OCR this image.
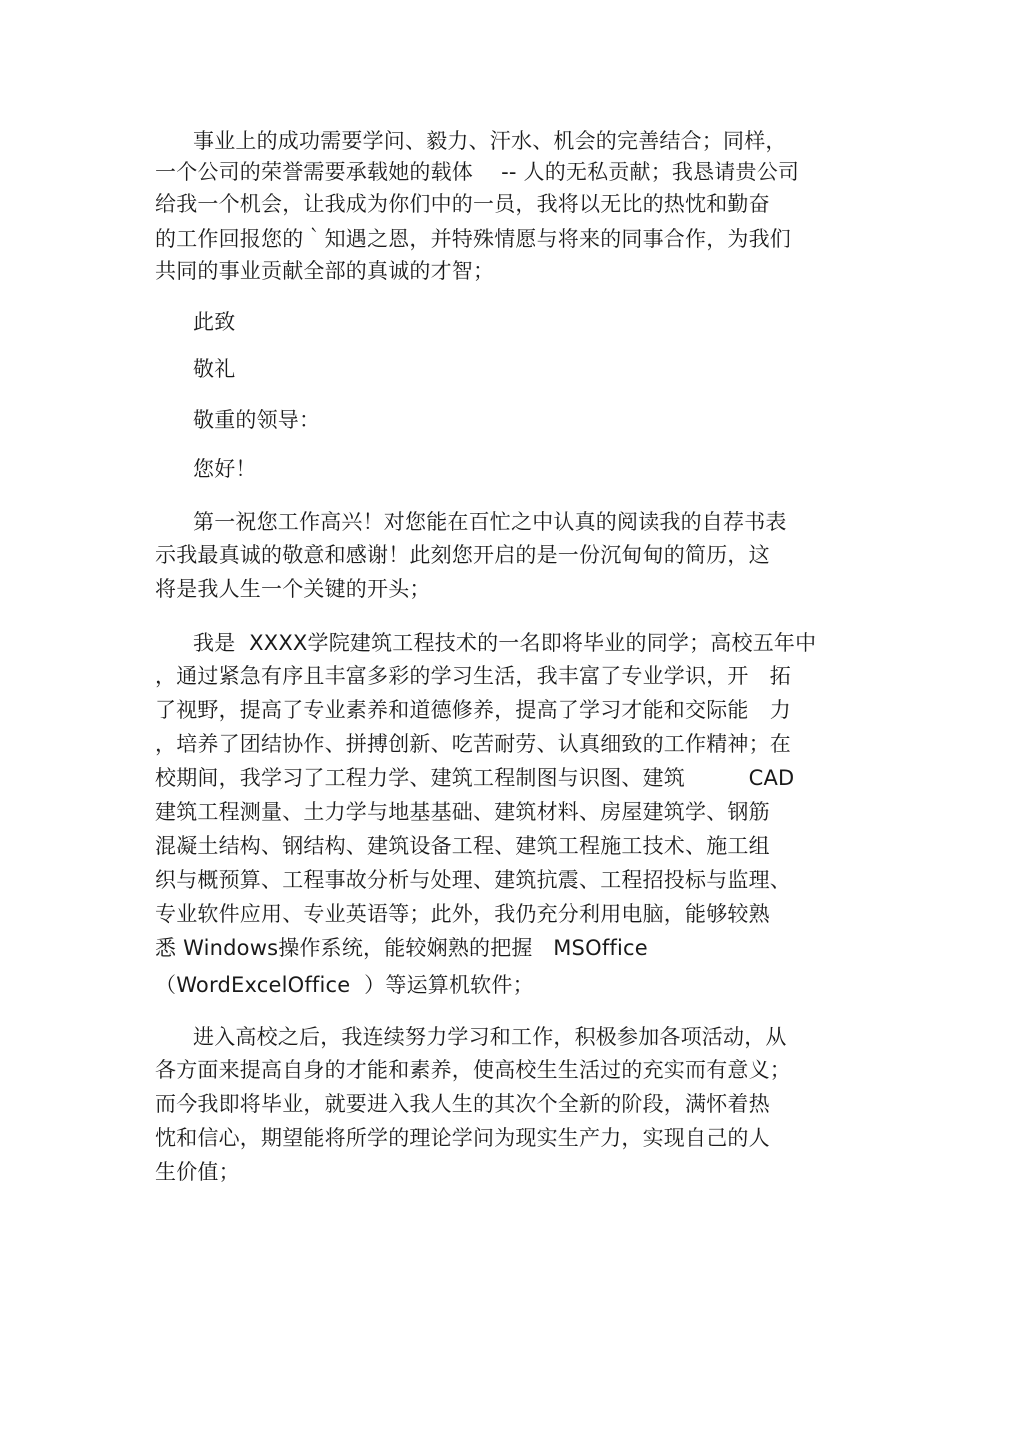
事业上的成功需要学问、毅力、汗水、机会的完善结合；同样，

一个公司的荣誉需要承载她的载体　 -- 人的无私贡献；我恳请贵公司

给我一个机会，让我成为你们中的一员，我将以无比的热忱和勤奋

的工作回报您的｀知遇之恩，并特殊情愿与将来的同事合作，为我们

共同的事业贡献全部的真诚的才智；

此致

敬礼

敬重的领导：

您好！

第一祝您工作高兴！对您能在百忙之中认真的阅读我的自荐书表

示我最真诚的敬意和感谢！此刻您开启的是一份沉甸甸的简历，这

将是我人生一个关键的开头；

我是  XXXX学院建筑工程技术的一名即将毕业的同学；高校五年中

，通过紧急有序且丰富多彩的学习生活，我丰富了专业学识，开　拓

了视野，提高了专业素养和道德修养，提高了学习才能和交际能　力

，培养了团结协作、拼搏创新、吃苦耐劳、认真细致的工作精神；在

校期间，我学习了工程力学、建筑工程制图与识图、建筑　　　CAD

建筑工程测量、土力学与地基基础、建筑材料、房屋建筑学、钢筋

混凝土结构、钢结构、建筑设备工程、建筑工程施工技术、施工组

织与概预算、工程事故分析与处理、建筑抗震、工程招投标与监理、

专业软件应用、专业英语等；此外，我仍充分利用电脑，能够较熟

悉 Windows操作系统，能较娴熟的把握   MSOffice

（WordExcelOffice  ）等运算机软件；

进入高校之后，我连续努力学习和工作，积极参加各项活动，从

各方面来提高自身的才能和素养，使高校生生活过的充实而有意义；

而今我即将毕业，就要进入我人生的其次个全新的阶段，满怀着热

忱和信心，期望能将所学的理论学问为现实生产力，实现自己的人

生价值；
